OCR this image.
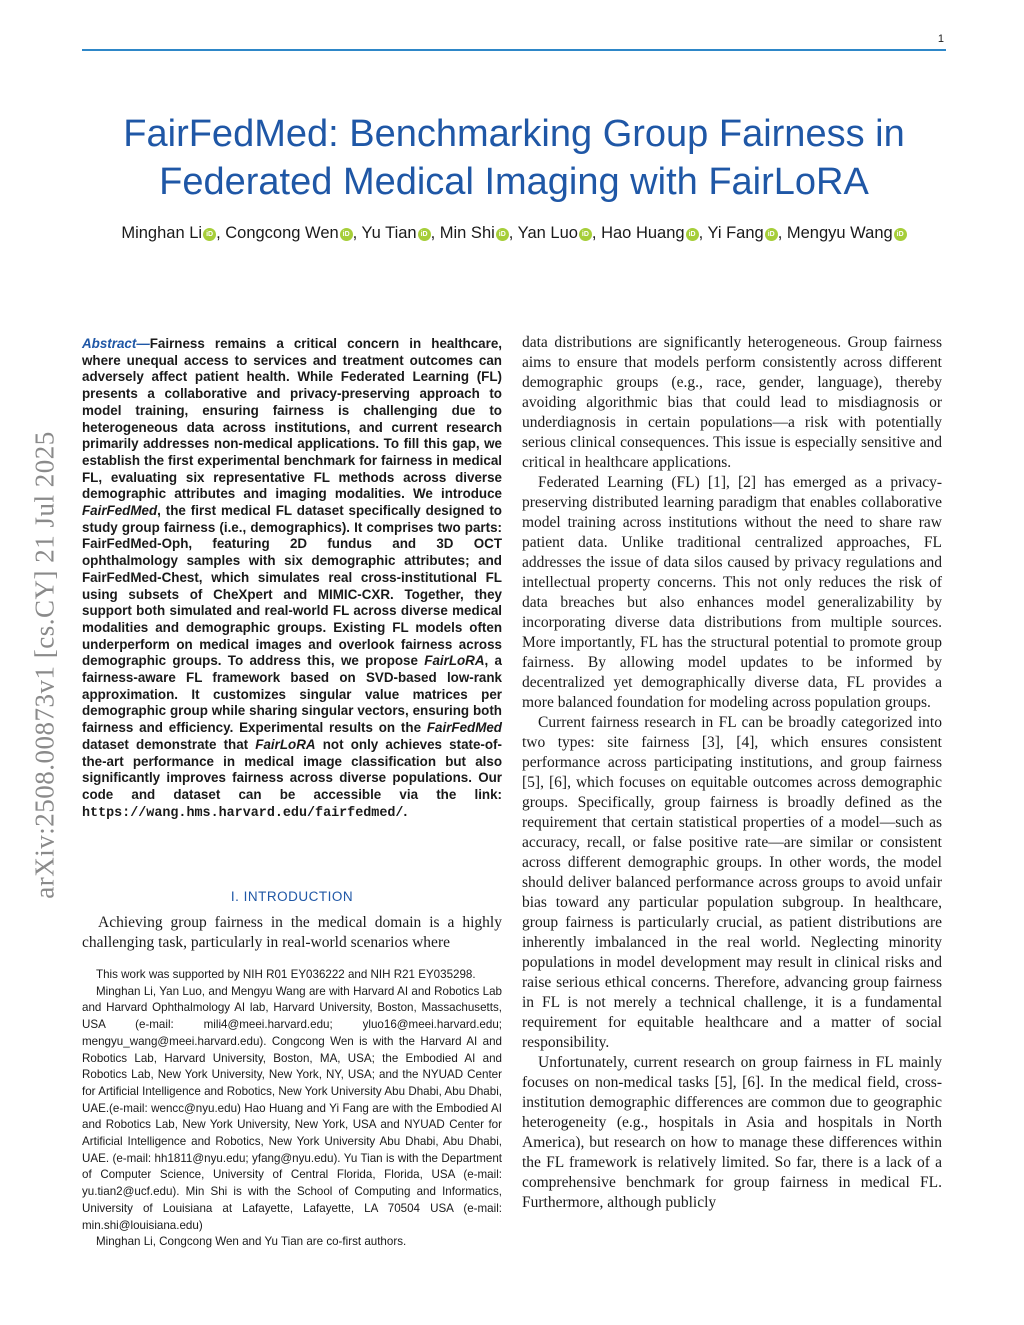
1
arXiv:2508.00873v1 [cs.CY] 21 Jul 2025
FairFedMed: Benchmarking Group Fairness in
Federated Medical Imaging with FairLoRA
Minghan Li iD , Congcong Wen iD , Yu Tian iD , Min Shi iD , Yan Luo iD , Hao Huang iD , Yi Fang iD , Mengyu Wang iD
Abstract—Fairness remains a critical concern in healthcare, where unequal access to services and treatment outcomes can adversely affect patient health. While Federated Learning (FL) presents a collaborative and privacy-preserving approach to model training, ensuring fairness is challenging due to heterogeneous data across institutions, and current research primarily addresses non-medical applications. To fill this gap, we establish the first experimental benchmark for fairness in medical FL, evaluating six representative FL methods across diverse demographic attributes and imaging modalities. We introduce FairFedMed, the first medical FL dataset specifically designed to study group fairness (i.e., demographics). It comprises two parts: FairFedMed-Oph, featuring 2D fundus and 3D OCT ophthalmology samples with six demographic attributes; and FairFedMed-Chest, which simulates real cross-institutional FL using subsets of CheXpert and MIMIC-CXR. Together, they support both simulated and real-world FL across diverse medical modalities and demographic groups. Existing FL models often underperform on medical images and overlook fairness across demographic groups. To address this, we propose FairLoRA, a fairness-aware FL framework based on SVD-based low-rank approximation. It customizes singular value matrices per demographic group while sharing singular vectors, ensuring both fairness and efficiency. Experimental results on the FairFedMed dataset demonstrate that FairLoRA not only achieves state-of-the-art performance in medical image classification but also significantly improves fairness across diverse populations. Our code and dataset can be accessible via the link: https://wang.hms.harvard.edu/fairfedmed/.
I. INTRODUCTION

Achieving group fairness in the medical domain is a highly challenging task, particularly in real-world scenarios where

This work was supported by NIH R01 EY036222 and NIH R21 EY035298.

Minghan Li, Yan Luo, and Mengyu Wang are with Harvard AI and Robotics Lab and Harvard Ophthalmology AI lab, Harvard University, Boston, Massachusetts, USA (e-mail: mili4@meei.harvard.edu; yluo16@meei.harvard.edu; mengyu_wang@meei.harvard.edu). Congcong Wen is with the Harvard AI and Robotics Lab, Harvard University, Boston, MA, USA; the Embodied AI and Robotics Lab, New York University, New York, NY, USA; and the NYUAD Center for Artificial Intelligence and Robotics, New York University Abu Dhabi, Abu Dhabi, UAE.(e-mail: wencc@nyu.edu) Hao Huang and Yi Fang are with the Embodied AI and Robotics Lab, New York University, New York, USA and NYUAD Center for Artificial Intelligence and Robotics, New York University Abu Dhabi, Abu Dhabi, UAE. (e-mail: hh1811@nyu.edu; yfang@nyu.edu). Yu Tian is with the Department of Computer Science, University of Central Florida, Florida, USA (e-mail: yu.tian2@ucf.edu). Min Shi is with the School of Computing and Informatics, University of Louisiana at Lafayette, Lafayette, LA 70504 USA (e-mail: min.shi@louisiana.edu)

Minghan Li, Congcong Wen and Yu Tian are co-first authors.

data distributions are significantly heterogeneous. Group fairness aims to ensure that models perform consistently across different demographic groups (e.g., race, gender, language), thereby avoiding algorithmic bias that could lead to misdiagnosis or underdiagnosis in certain populations—a risk with potentially serious clinical consequences. This issue is especially sensitive and critical in healthcare applications.

Federated Learning (FL) [1], [2] has emerged as a privacy-preserving distributed learning paradigm that enables collaborative model training across institutions without the need to share raw patient data. Unlike traditional centralized approaches, FL addresses the issue of data silos caused by privacy regulations and intellectual property concerns. This not only reduces the risk of data breaches but also enhances model generalizability by incorporating diverse data distributions from multiple sources. More importantly, FL has the structural potential to promote group fairness. By allowing model updates to be informed by decentralized yet demographically diverse data, FL provides a more balanced foundation for modeling across population groups.

Current fairness research in FL can be broadly categorized into two types: site fairness [3], [4], which ensures consistent performance across participating institutions, and group fairness [5], [6], which focuses on equitable outcomes across demographic groups. Specifically, group fairness is broadly defined as the requirement that certain statistical properties of a model—such as accuracy, recall, or false positive rate—are similar or consistent across different demographic groups. In other words, the model should deliver balanced performance across groups to avoid unfair bias toward any particular population subgroup. In healthcare, group fairness is particularly crucial, as patient distributions are inherently imbalanced in the real world. Neglecting minority populations in model development may result in clinical risks and raise serious ethical concerns. Therefore, advancing group fairness in FL is not merely a technical challenge, it is a fundamental requirement for equitable healthcare and a matter of social responsibility.

Unfortunately, current research on group fairness in FL mainly focuses on non-medical tasks [5], [6]. In the medical field, cross-institution demographic differences are common due to geographic heterogeneity (e.g., hospitals in Asia and hospitals in North America), but research on how to manage these differences within the FL framework is relatively limited. So far, there is a lack of a comprehensive benchmark for group fairness in medical FL. Furthermore, although publicly
